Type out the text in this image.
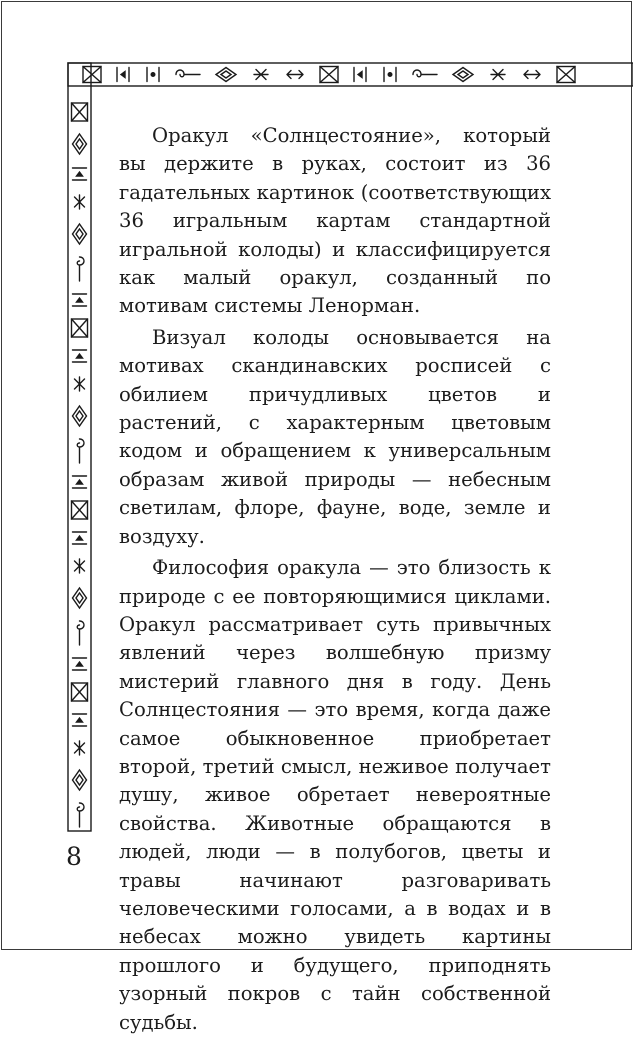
Оракул «Солнцестояние», который вы держите в руках, состоит из 36 гадательных картинок (соответствующих 36 игральным картам стандартной игральной колоды) и классифицируется как малый оракул, созданный по мотивам системы Ленорман.

Визуал колоды основывается на мотивах скандинавских росписей с обилием причудливых цветов и растений, с характерным цветовым кодом и обращением к универсальным образам живой природы — небесным светилам, флоре, фауне, воде, земле и воздуху.

Философия оракула — это близость к природе с ее повторяющимися циклами. Оракул рассматривает суть привычных явлений через волшебную призму мистерий главного дня в году. День Солнцестояния — это время, когда даже самое обыкновенное приобретает второй, третий смысл, неживое получает душу, живое обретает невероятные свойства. Животные обращаются в людей, люди — в полубогов, цветы и травы начинают разговаривать человеческими голосами, а в водах и в небесах можно увидеть картины прошлого и будущего, приподнять узорный покров с тайн собственной судьбы.

8
